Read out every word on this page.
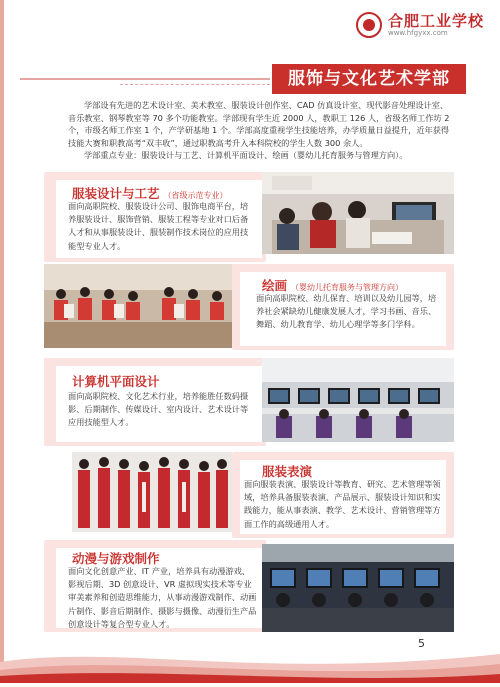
合肥工业学校
www.hfgyxx.com
服饰与文化艺术学部

学部设有先进的艺术设计室、美术教室、服装设计创作室、CAD 仿真设计室、现代影音处理设计室、音乐教室、钢琴教室等 70 多个功能教室。学部现有学生近 2000 人，教职工 126 人，省级名师工作坊 2 个，市级名师工作室 1 个，产学研基地 1 个。学部高度重视学生技能培养，办学质量日益提升，近年获得技能大赛和职教高考“双丰收”，通过职教高考升入本科院校的学生人数 300 余人。

学部重点专业：服装设计与工艺、计算机平面设计、绘画（婴幼儿托育服务与管理方向）。

服装设计与工艺 （省级示范专业）
面向高职院校、服装设计公司、服饰电商平台，培养服装设计、服饰营销、服装工程等专业对口后备人才和从事服装设计、服装制作技术岗位的应用技能型专业人才。
绘画 （婴幼儿托育服务与管理方向）
面向高职院校、幼儿保育、培训以及幼儿园等，培养社会紧缺幼儿健康发展人才，学习书画、音乐、舞蹈、幼儿教育学、幼儿心理学等多门学科。
计算机平面设计
面向高职院校、文化艺术行业，培养能胜任数码摄影、后期制作、传媒设计、室内设计、艺术设计等应用技能型人才。
服装表演
面向服装表演、服装设计等教育、研究、艺术管理等领域，培养具备服装表演、产品展示、服装设计知识和实践能力，能从事表演、教学、艺术设计、营销管理等方面工作的高级通用人才。
动漫与游戏制作
面向文化创意产业、IT 产业，培养具有动漫游戏、影视后期、3D 创意设计、VR 虚拟现实技术等专业审美素养和创造思维能力，从事动漫游戏制作、动画片制作、影音后期制作、摄影与摄像、动漫衍生产品创意设计等复合型专业人才。
5
